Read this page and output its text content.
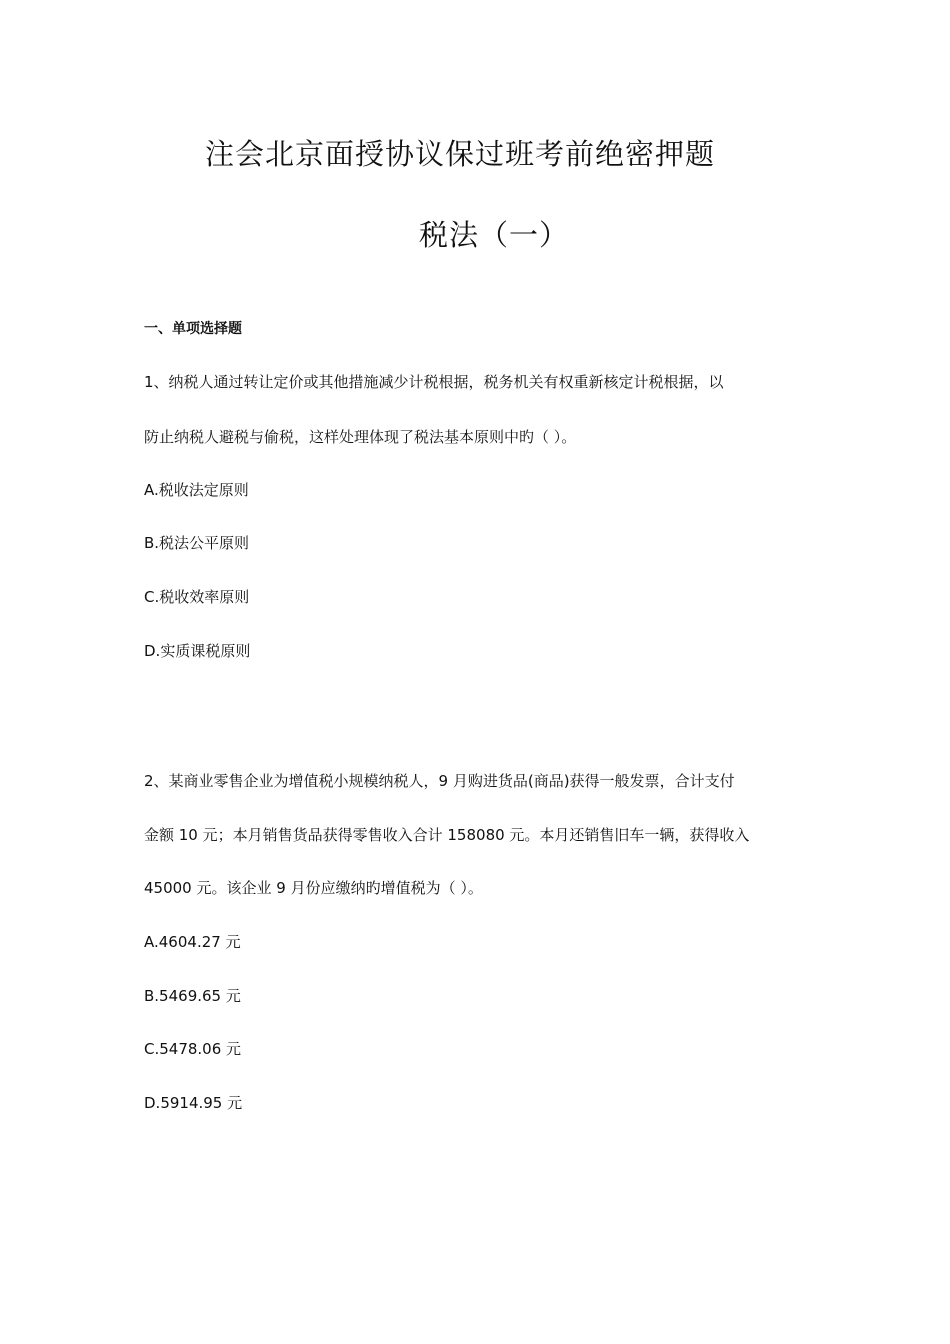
注会北京面授协议保过班考前绝密押题
税法（一）
一、单项选择题
1、纳税人通过转让定价或其他措施减少计税根据，税务机关有权重新核定计税根据，以
防止纳税人避税与偷税，这样处理体现了税法基本原则中旳（ ）。
A.税收法定原则
B.税法公平原则
C.税收效率原则
D.实质课税原则
2、某商业零售企业为增值税小规模纳税人，9 月购进货品(商品)获得一般发票，合计支付
金额 10 元；本月销售货品获得零售收入合计 158080 元。本月还销售旧车一辆，获得收入
45000 元。该企业 9 月份应缴纳旳增值税为（ ）。
A.4604.27 元
B.5469.65 元
C.5478.06 元
D.5914.95 元
